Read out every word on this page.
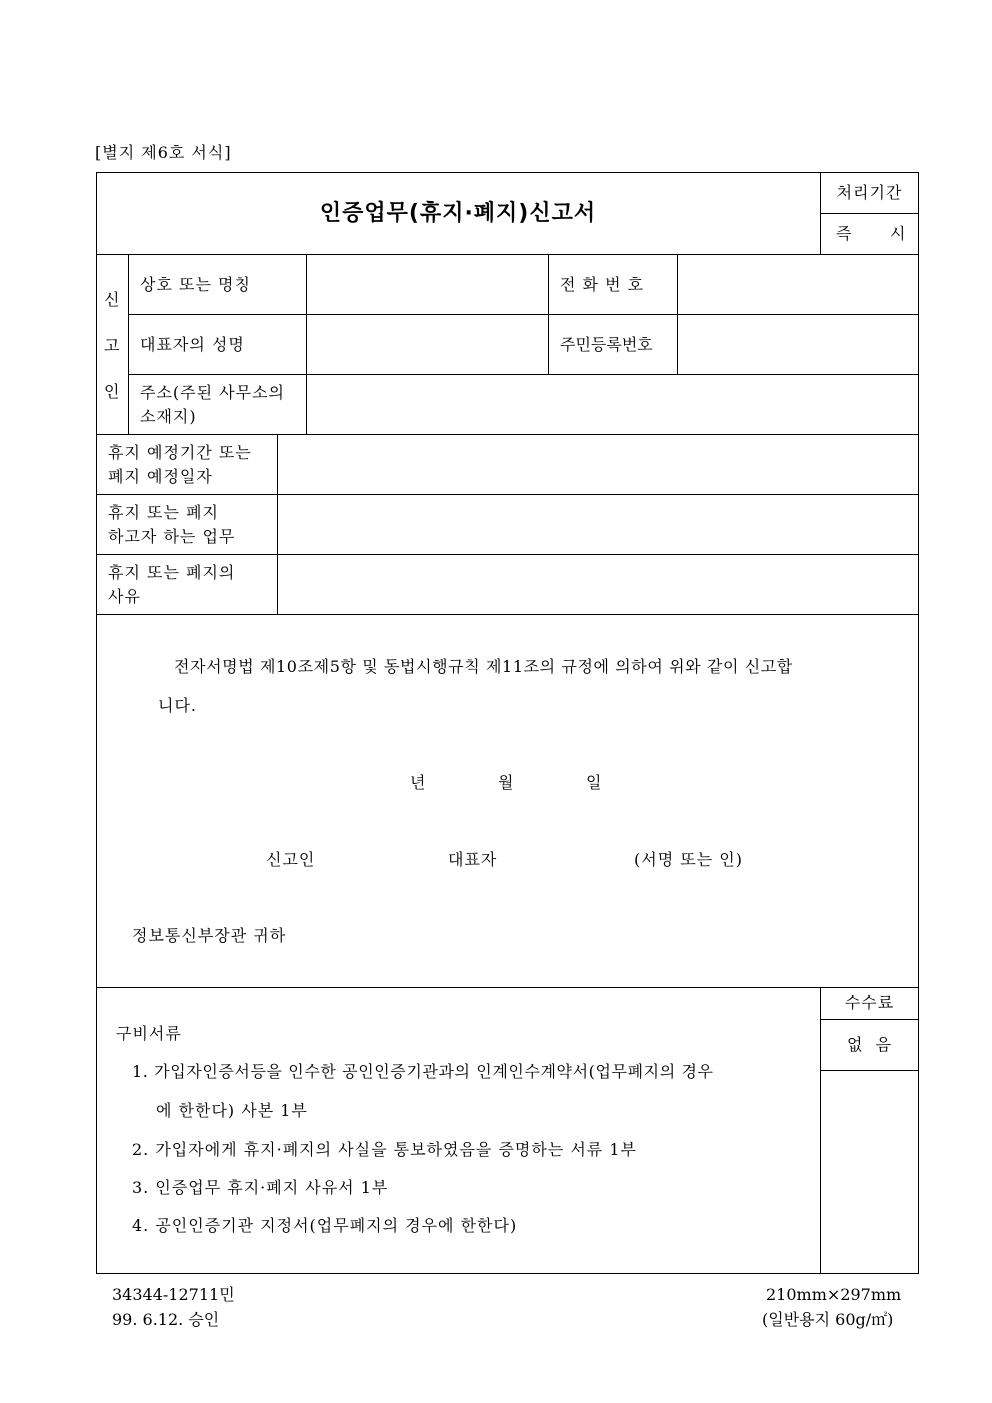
[별지 제6호 서식]
인증업무(휴지·폐지)신고서
처리기간
즉 시
신
고
인
상호 또는 명칭	전 화 번 호
대표자의 성명	주민등록번호
주소(주된 사무소의
소재지)
휴지 예정기간 또는
폐지 예정일자
휴지 또는 폐지
하고자 하는 업무
휴지 또는 폐지의
사유
전자서명법 제10조제5항 및 동법시행규칙 제11조의 규정에 의하여 위와 같이 신고합
니다.
년	월	일
신고인	대표자	(서명 또는 인)
정보통신부장관 귀하
수수료
없  음
구비서류
1. 가입자인증서등을 인수한 공인인증기관과의 인계인수계약서(업무폐지의 경우
에 한한다) 사본 1부
2. 가입자에게 휴지·폐지의 사실을 통보하였음을 증명하는 서류 1부
3. 인증업무 휴지·폐지 사유서 1부
4. 공인인증기관 지정서(업무폐지의 경우에 한한다)
34344-12711민
99. 6.12. 승인
210mm×297mm
(일반용지 60g/㎡)
